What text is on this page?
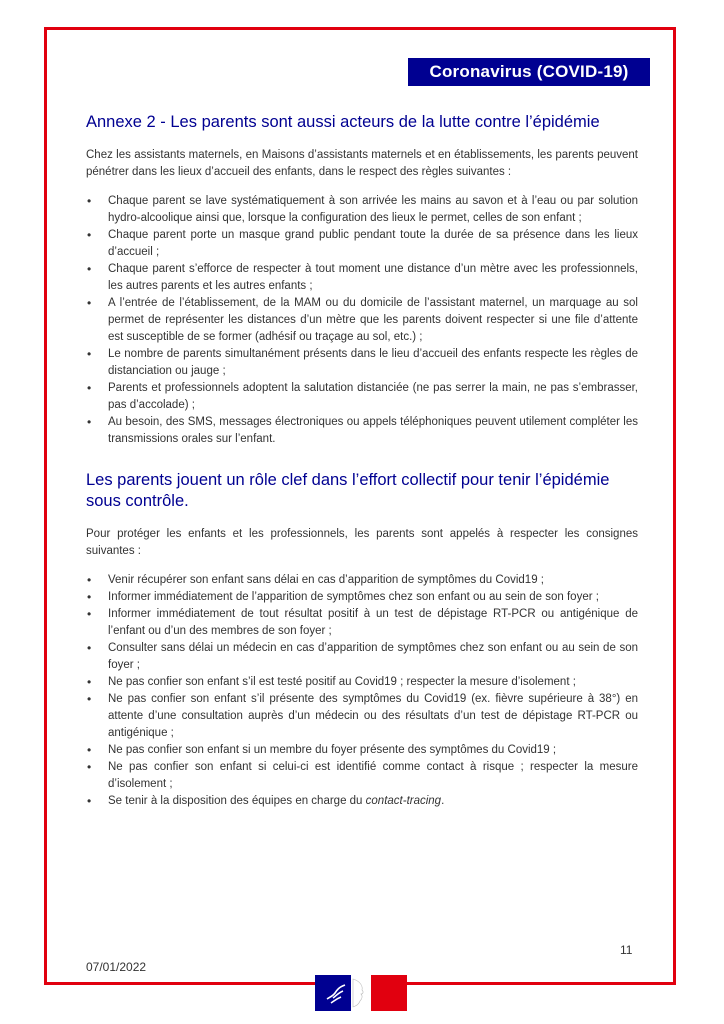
Coronavirus (COVID-19)
Annexe 2 - Les parents sont aussi acteurs de la lutte contre l’épidémie

Chez les assistants maternels, en Maisons d’assistants maternels et en établissements, les parents peuvent pénétrer dans les lieux d’accueil des enfants, dans le respect des règles suivantes :

• Chaque parent se lave systématiquement à son arrivée les mains au savon et à l’eau ou par solution hydro-alcoolique ainsi que, lorsque la configuration des lieux le permet, celles de son enfant ;
• Chaque parent porte un masque grand public pendant toute la durée de sa présence dans les lieux d’accueil ;
• Chaque parent s’efforce de respecter à tout moment une distance d’un mètre avec les professionnels, les autres parents et les autres enfants ;
• A l’entrée de l’établissement, de la MAM ou du domicile de l’assistant maternel, un marquage au sol permet de représenter les distances d’un mètre que les parents doivent respecter si une file d’attente est susceptible de se former (adhésif ou traçage au sol, etc.) ;
• Le nombre de parents simultanément présents dans le lieu d’accueil des enfants respecte les règles de distanciation ou jauge ;
• Parents et professionnels adoptent la salutation distanciée (ne pas serrer la main, ne pas s’embrasser, pas d’accolade) ;
• Au besoin, des SMS, messages électroniques ou appels téléphoniques peuvent utilement compléter les transmissions orales sur l’enfant.
Les parents jouent un rôle clef dans l’effort collectif pour tenir l’épidémie sous contrôle.

Pour protéger les enfants et les professionnels, les parents sont appelés à respecter les consignes suivantes :

• Venir récupérer son enfant sans délai en cas d’apparition de symptômes du Covid19 ;
• Informer immédiatement de l’apparition de symptômes chez son enfant ou au sein de son foyer ;
• Informer immédiatement de tout résultat positif à un test de dépistage RT-PCR ou antigénique de l’enfant ou d’un des membres de son foyer ;
• Consulter sans délai un médecin en cas d’apparition de symptômes chez son enfant ou au sein de son foyer ;
• Ne pas confier son enfant s’il est testé positif au Covid19 ; respecter la mesure d’isolement ;
• Ne pas confier son enfant s’il présente des symptômes du Covid19 (ex. fièvre supérieure à 38°) en attente d’une consultation auprès d’un médecin ou des résultats d’un test de dépistage RT-PCR ou antigénique ;
• Ne pas confier son enfant si un membre du foyer présente des symptômes du Covid19 ;
• Ne pas confier son enfant si celui-ci est identifié comme contact à risque ; respecter la mesure d’isolement ;
• Se tenir à la disposition des équipes en charge du contact-tracing.
11
07/01/2022
